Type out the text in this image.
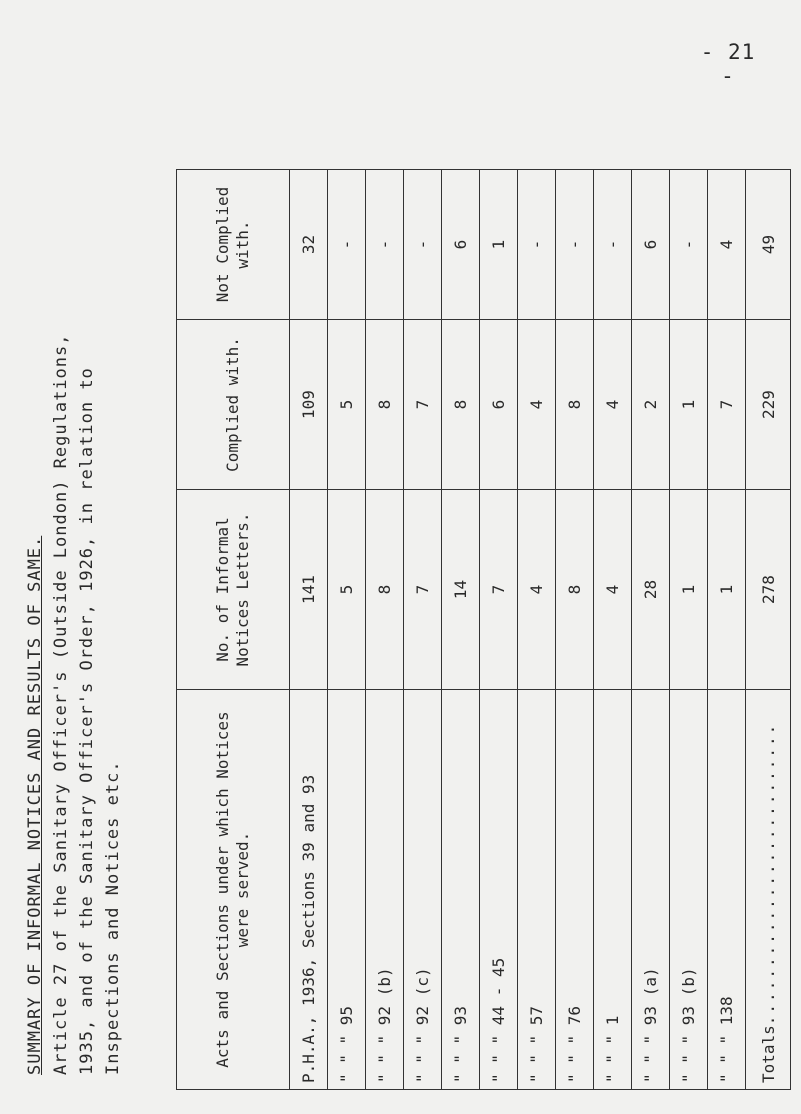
- 21 -
SUMMARY OF INFORMAL NOTICES AND RESULTS OF SAME. Article 27 of the Sanitary Officer's (Outside London) Regulations, 1935, and of the Sanitary Officer's Order, 1926, in relation to Inspections and Notices etc.	Acts and Sections under which Notices were served.	No. of Informal Notices Letters.	Complied with.	Not Complied with.
P.H.A., 1936, Sections 39 and 93	141	109	32
" " " 95	5	5	-
" " " 92 (b)	8	8	-
" " " 92 (c)	7	7	-
" " " 93	14	8	6
" " " 44 - 45	7	6	1
" " " 57	4	4	-
" " " 76	8	8	-
" " " 1	4	4	-
" " " 93 (a)	28	2	6
" " " 93 (b)	1	1	-
" " " 138	1	7	4
Totals..........................	278	229	49
